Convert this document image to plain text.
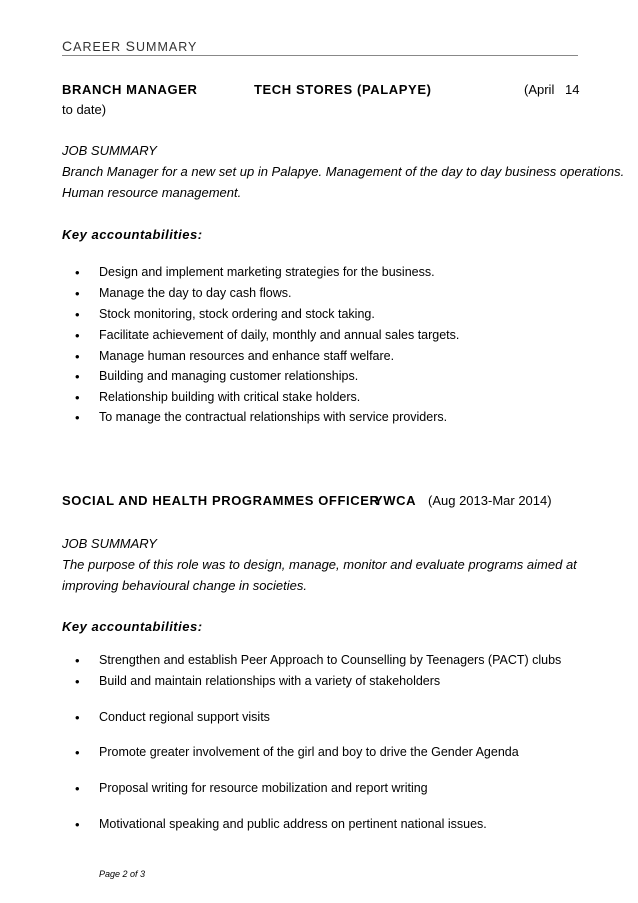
CAREER SUMMARY
BRANCH MANAGER	TECH STORES (PALAPYE)	(April 14
to date)
JOB SUMMARY
Branch Manager for a new set up in Palapye. Management of the day to day business operations.
Human resource management.
Key accountabilities:
• Design and implement marketing strategies for the business.
• Manage the day to day cash flows.
• Stock monitoring, stock ordering and stock taking.
• Facilitate achievement of daily, monthly and annual sales targets.
• Manage human resources and enhance staff welfare.
• Building and managing customer relationships.
• Relationship building with critical stake holders.
• To manage the contractual relationships with service providers.
SOCIAL AND HEALTH PROGRAMMES OFFICER
YWCA (Aug 2013-Mar 2014)
JOB SUMMARY
The purpose of this role was to design, manage, monitor and evaluate programs aimed at
improving behavioural change in societies.
Key accountabilities:
• Strengthen and establish Peer Approach to Counselling by Teenagers (PACT) clubs
• Build and maintain relationships with a variety of stakeholders
• Conduct regional support visits
• Promote greater involvement of the girl and boy to drive the Gender Agenda
• Proposal writing for resource mobilization and report writing
• Motivational speaking and public address on pertinent national issues.
Page 2 of 3
